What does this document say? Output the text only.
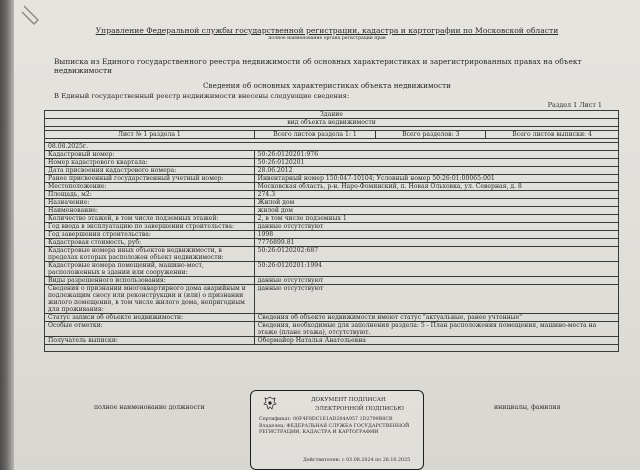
Управление Федеральной службы государственной регистрации, кадастра и картографии по Московской области
полное наименование органа регистрации прав
Выписка из Единого государственного реестра недвижимости об основных характеристиках и зарегистрированных правах на объект недвижимости
Сведения об основных характеристиках объекта недвижимости
В Единый государственный реестр недвижимости внесены следующие сведения:
Раздел 1 Лист 1
Здание			
вид объекта недвижимости			

Лист № 1 раздела 1	Всего листов раздела 1: 1	Всего разделов: 3	Всего листов выписки: 4

08.08.2025г.			
Кадастровый номер:	50:26:0120201:976		
Номер кадастрового квартала:	50:26:0120201		
Дата присвоения кадастрового номера:	28.06.2012		
Ранее присвоенный государственный учетный номер:	Инвентарный номер 150:047-10104; Условный номер 50:26:01:00065:001		
Местоположение:	Московская область, р-н. Наро-Фоминский, п. Новая Ольховка, ул. Северная, д. 8		
Площадь, м2:	274.3		
Назначение:	Жилой дом		
Наименование:	жилой дом		
Количество этажей, в том числе подземных этажей:	2, в том числе подземных 1		
Год ввода в эксплуатацию по завершении строительства:	данные отсутствуют		
Год завершения строительства:	1998		
Кадастровая стоимость, руб:	7776899.81		
Кадастровые номера иных объектов недвижимости, в пределах которых расположен объект недвижимости:	50:26:0120202:687		
Кадастровые номера помещений, машино-мест, расположенных в здании или сооружении:	50:26:0120201:1994		
Виды разрешенного использования:	данные отсутствуют		
Сведения о признании многоквартирного дома аварийным и подлежащим сносу или реконструкции и (или) о признании жилого помещения, в том числе жилого дома, непригодным для проживания:	данные отсутствуют		
Статус записи об объекте недвижимости:	Сведения об объекте недвижимости имеют статус "актуальные, ранее учтенные"		
Особые отметки:	Сведения, необходимые для заполнения раздела: 5 - План расположения помещения, машино-места на этаже (плане этажа), отсутствуют.		
Получатель выписки:	Обермайер Наталья Анатольевна		

полное наименование должности	инициалы, фамилия
ДОКУМЕНТ ПОДПИСАН
ЭЛЕКТРОННОЙ ПОДПИСЬЮ
Сертификат: 00F4F8DC1E1AD264A957 1D2799B8CB
Владелец: ФЕДЕРАЛЬНАЯ СЛУЖБА ГОСУДАРСТВЕННОЙ РЕГИСТРАЦИИ, КАДАСТРА И КАРТОГРАФИИ
Действителен: с 03.08.2024 по 26.10.2025
